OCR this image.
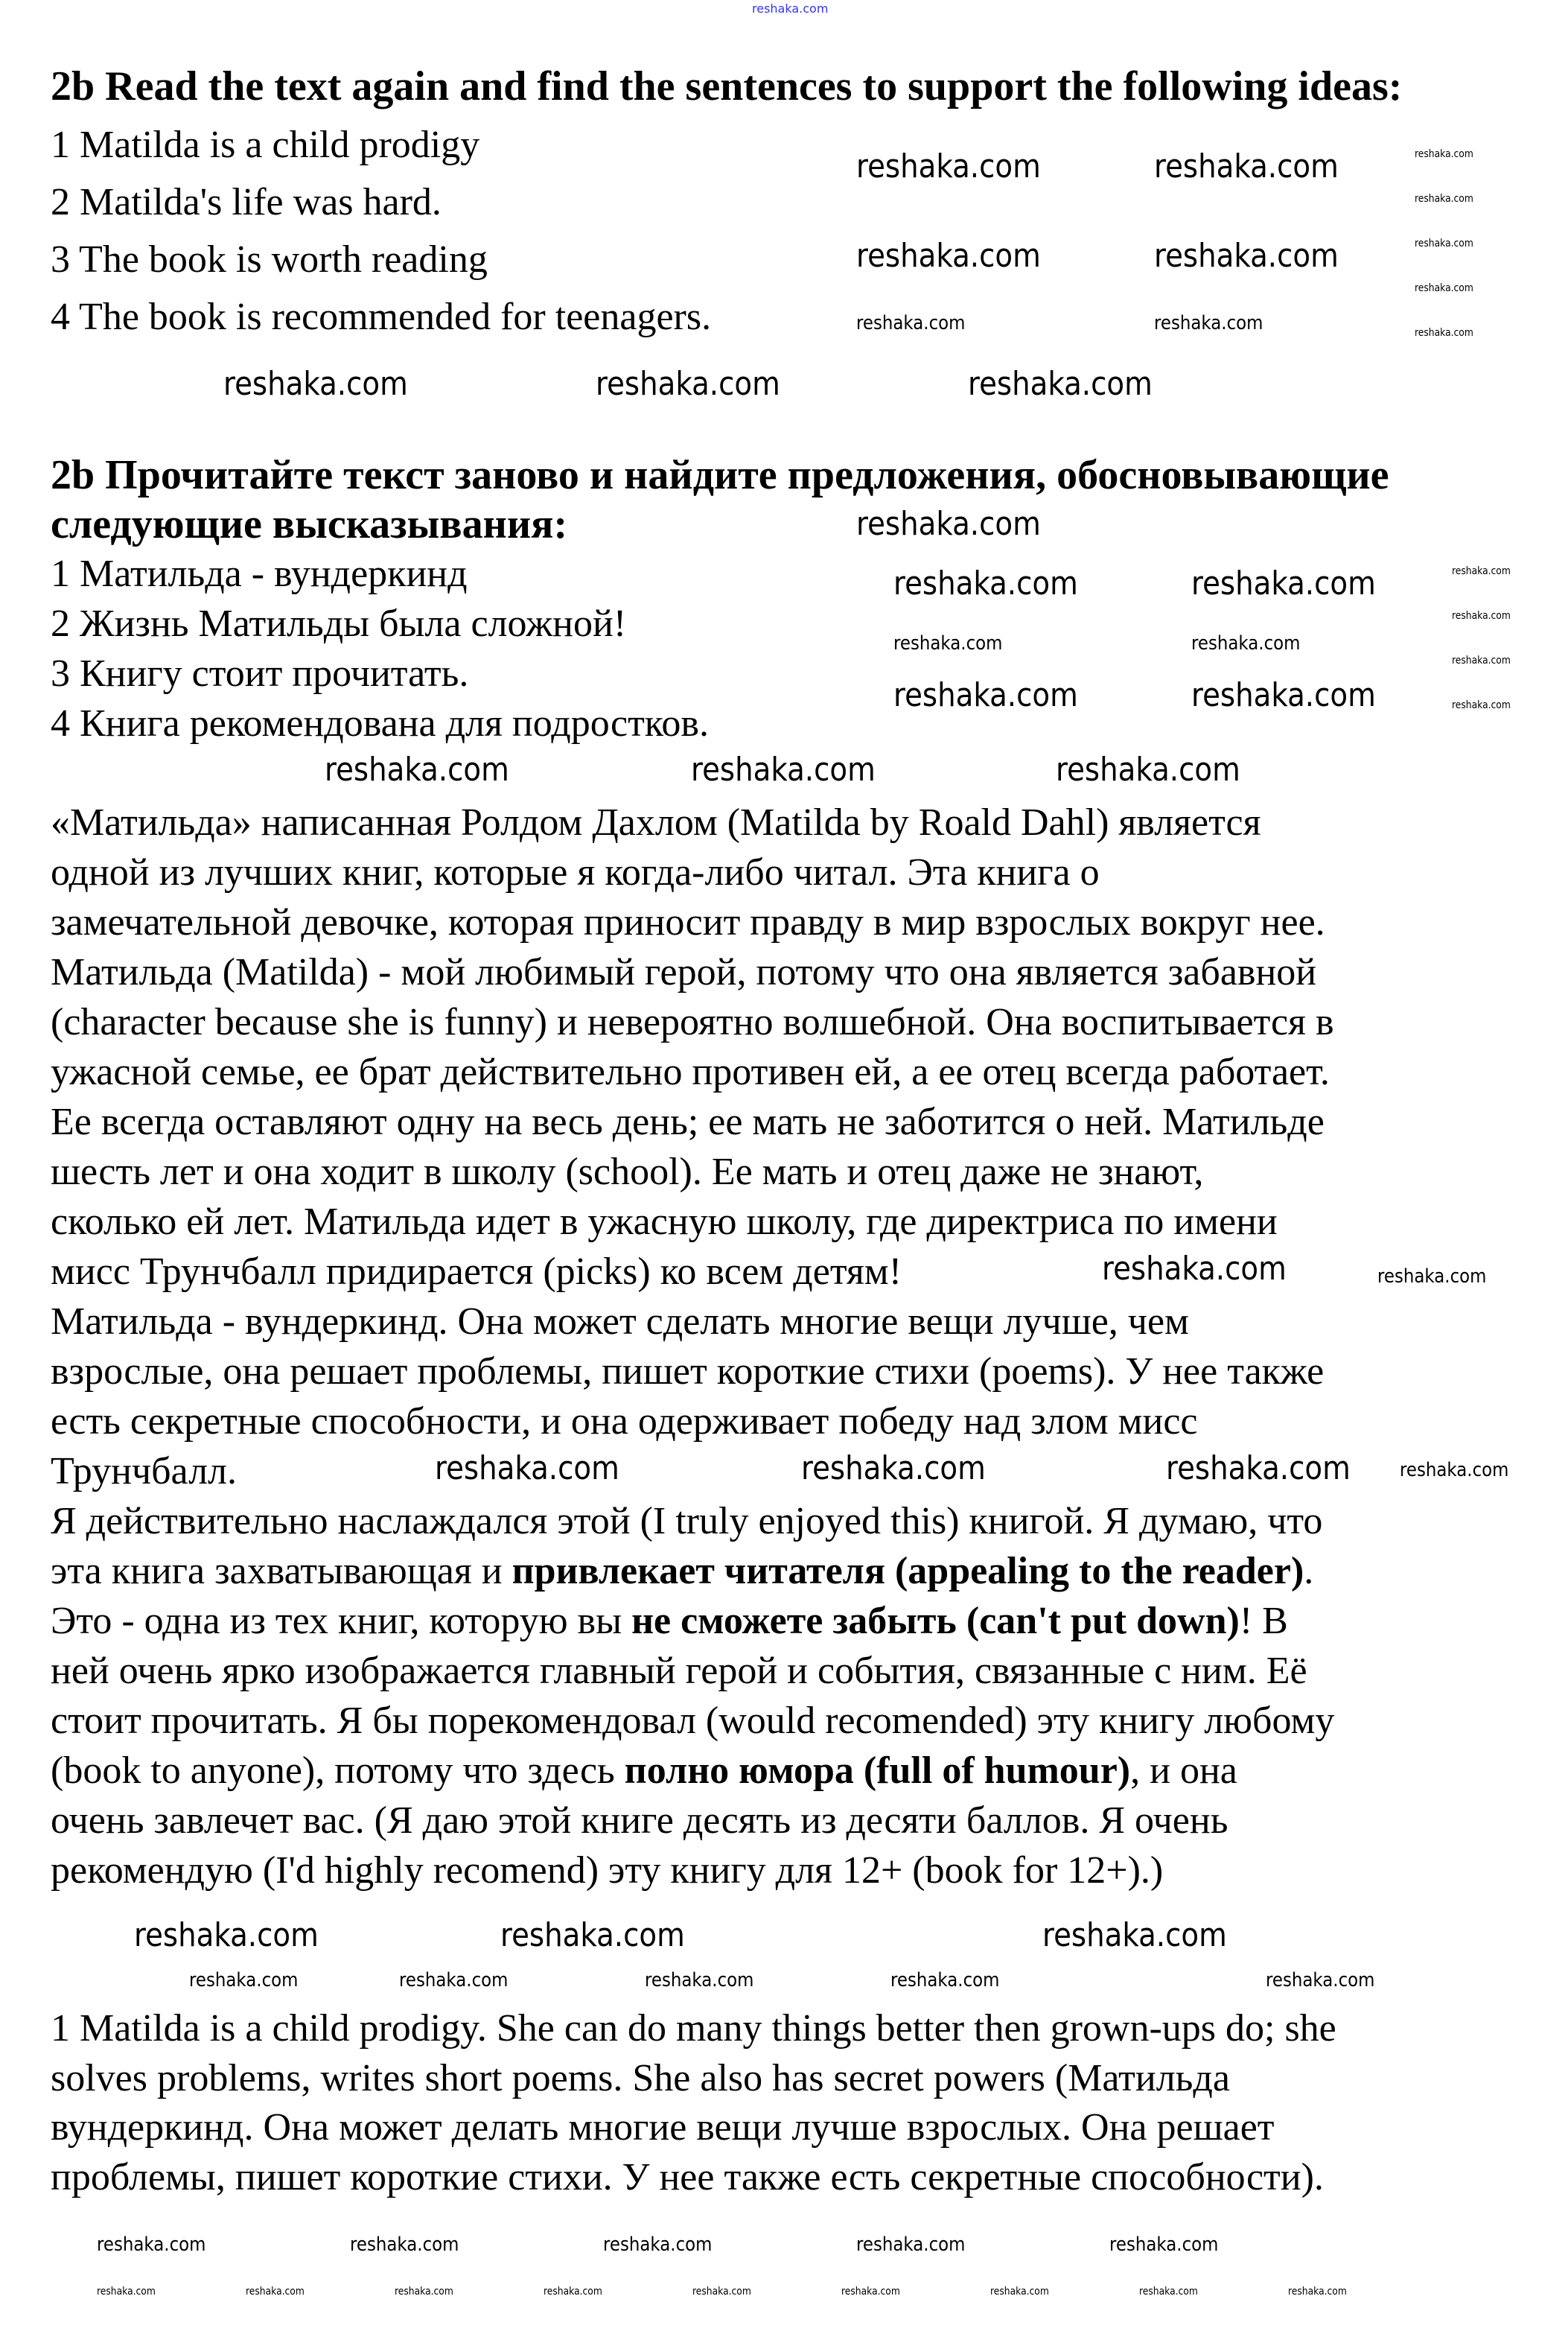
reshaka.com
2b Read the text again and find the sentences to support the following ideas:
1 Matilda is a child prodigy
2 Matilda's life was hard.
3 The book is worth reading
4 The book is recommended for teenagers.
2b Прочитайте текст заново и найдите предложения, обосновывающие
следующие высказывания:
1 Матильда - вундеркинд
2 Жизнь Матильды была сложной!
3 Книгу стоит прочитать.
4 Книга рекомендована для подростков.
«Матильда» написанная Ролдом Дахлом (Matilda by Roald Dahl) является
одной из лучших книг, которые я когда-либо читал. Эта книга о
замечательной девочке, которая приносит правду в мир взрослых вокруг нее.
Матильда (Matilda) - мой любимый герой, потому что она является забавной
(character because she is funny) и невероятно волшебной. Она воспитывается в
ужасной семье, ее брат действительно противен ей, а ее отец всегда работает.
Ее всегда оставляют одну на весь день; ее мать не заботится о ней. Матильде
шесть лет и она ходит в школу (school). Ее мать и отец даже не знают,
сколько ей лет. Матильда идет в ужасную школу, где директриса по имени
мисс Трунчбалл придирается (picks) ко всем детям!
Матильда - вундеркинд. Она может сделать многие вещи лучше, чем
взрослые, она решает проблемы, пишет короткие стихи (poems). У нее также
есть секретные способности, и она одерживает победу над злом мисс
Трунчбалл.
Я действительно наслаждался этой (I truly enjoyed this) книгой. Я думаю, что
эта книга захватывающая и привлекает читателя (appealing to the reader).
Это - одна из тех книг, которую вы не сможете забыть (can't put down)! В
ней очень ярко изображается главный герой и события, связанные с ним. Её
стоит прочитать. Я бы порекомендовал (would recomended) эту книгу любому
(book to anyone), потому что здесь полно юмора (full of humour), и она
очень завлечет вас. (Я даю этой книге десять из десяти баллов. Я очень
рекомендую (I'd highly recomend) эту книгу для 12+ (book for 12+).)
1 Matilda is a child prodigy. She can do many things better then grown-ups do; she
solves problems, writes short poems. She also has secret powers (Матильда
вундеркинд. Она может делать многие вещи лучше взрослых. Она решает
проблемы, пишет короткие стихи. У нее также есть секретные способности).
reshaka.com	reshaka.com
reshaka.com	reshaka.com
reshaka.com	reshaka.com	reshaka.com
reshaka.com
reshaka.com	reshaka.com
reshaka.com	reshaka.com
reshaka.com	reshaka.com	reshaka.com
reshaka.com
reshaka.com	reshaka.com	reshaka.com
reshaka.com	reshaka.com	reshaka.com
reshaka.com	reshaka.com
reshaka.com	reshaka.com
reshaka.com
reshaka.com
reshaka.com	reshaka.com	reshaka.com	reshaka.com	reshaka.com
reshaka.com	reshaka.com	reshaka.com	reshaka.com	reshaka.com
reshaka.com
reshaka.com
reshaka.com
reshaka.com
reshaka.com
reshaka.com
reshaka.com
reshaka.com
reshaka.com
reshaka.com	reshaka.com	reshaka.com	reshaka.com	reshaka.com	reshaka.com	reshaka.com	reshaka.com	reshaka.com
